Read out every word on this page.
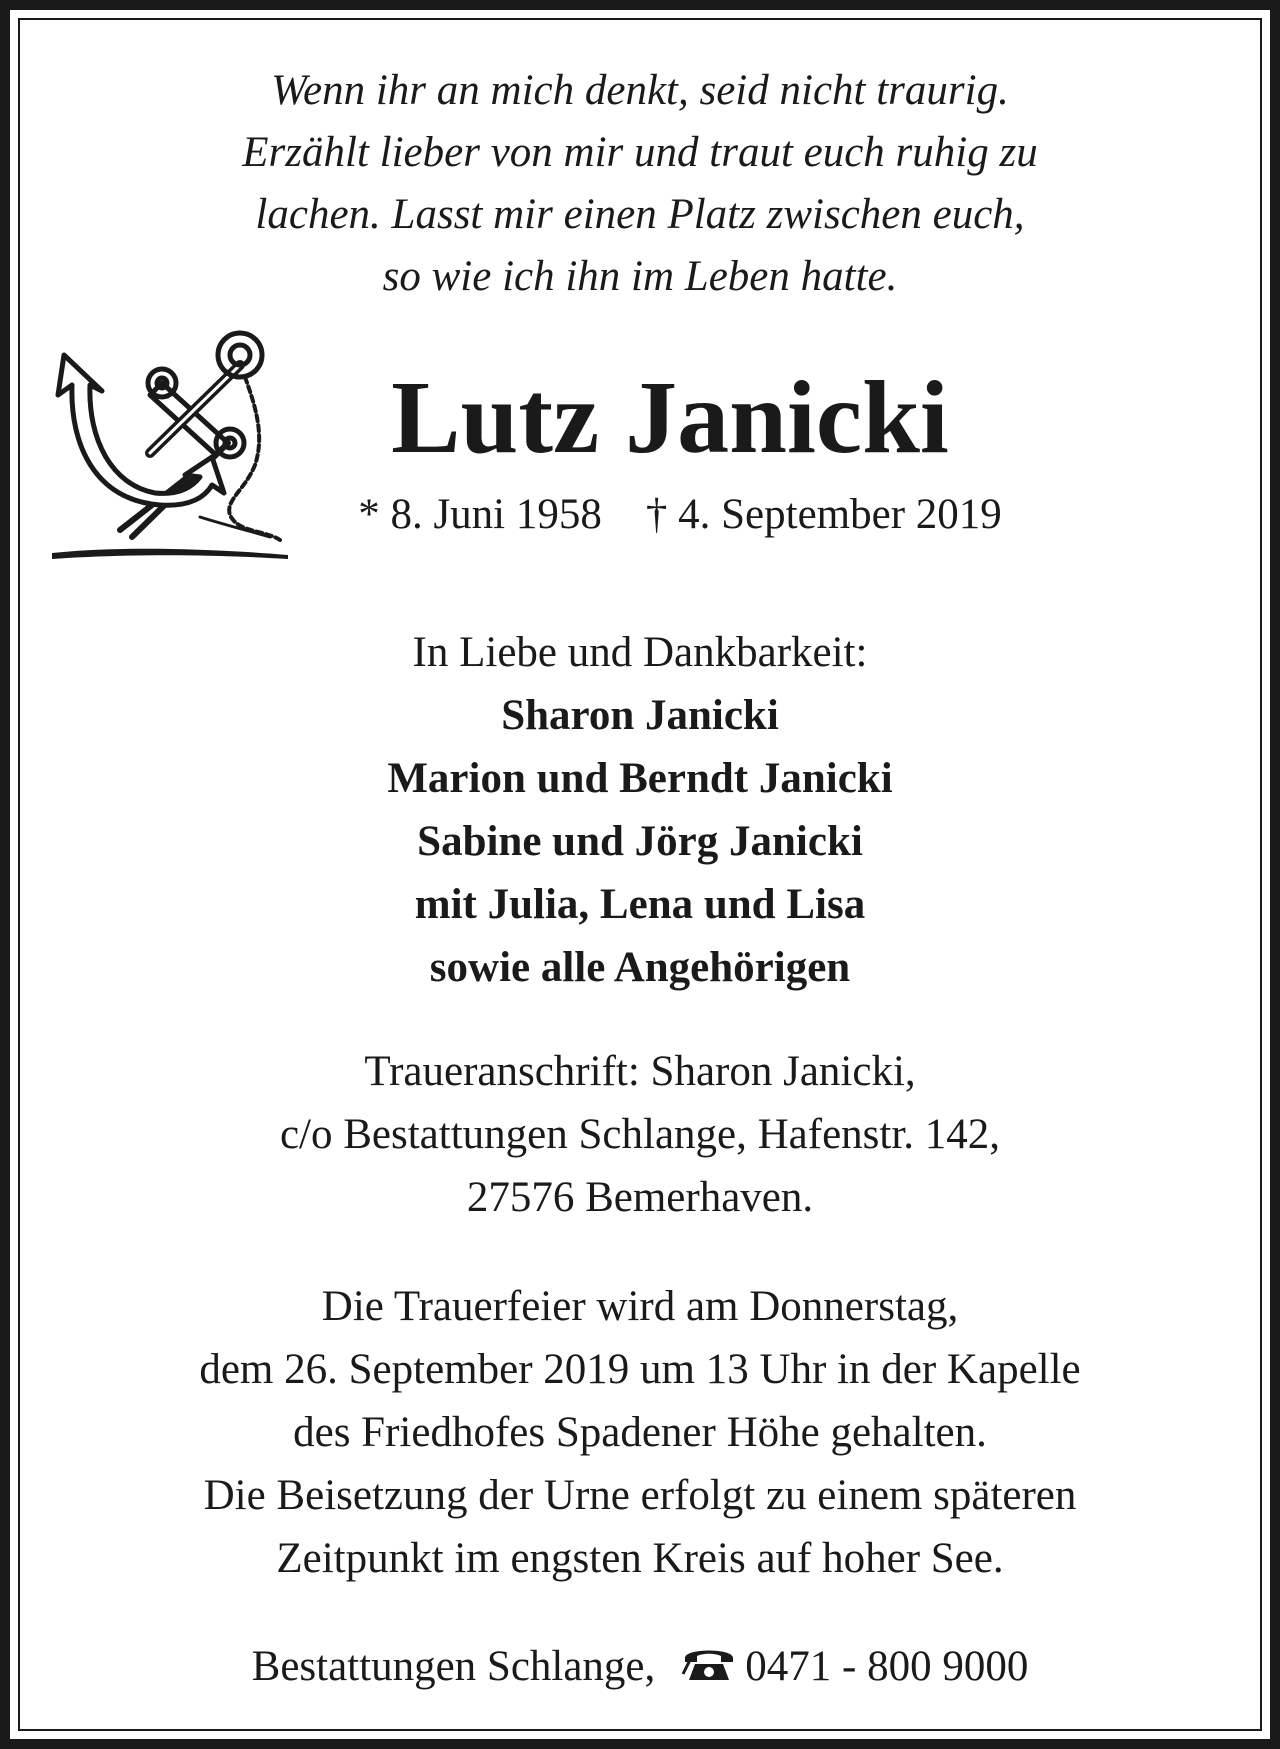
Wenn ihr an mich denkt, seid nicht traurig.
Erzählt lieber von mir und traut euch ruhig zu
lachen. Lasst mir einen Platz zwischen euch,
so wie ich ihn im Leben hatte.
Lutz Janicki
* 8. Juni 1958 † 4. September 2019
In Liebe und Dankbarkeit:
Sharon Janicki
Marion und Berndt Janicki
Sabine und Jörg Janicki
mit Julia, Lena und Lisa
sowie alle Angehörigen
Traueranschrift: Sharon Janicki,
c/o Bestattungen Schlange, Hafenstr. 142,
27576 Bemerhaven.
Die Trauerfeier wird am Donnerstag,
dem 26. September 2019 um 13 Uhr in der Kapelle
des Friedhofes Spadener Höhe gehalten.
Die Beisetzung der Urne erfolgt zu einem späteren
Zeitpunkt im engsten Kreis auf hoher See.
Bestattungen Schlange, 0471 - 800 9000
